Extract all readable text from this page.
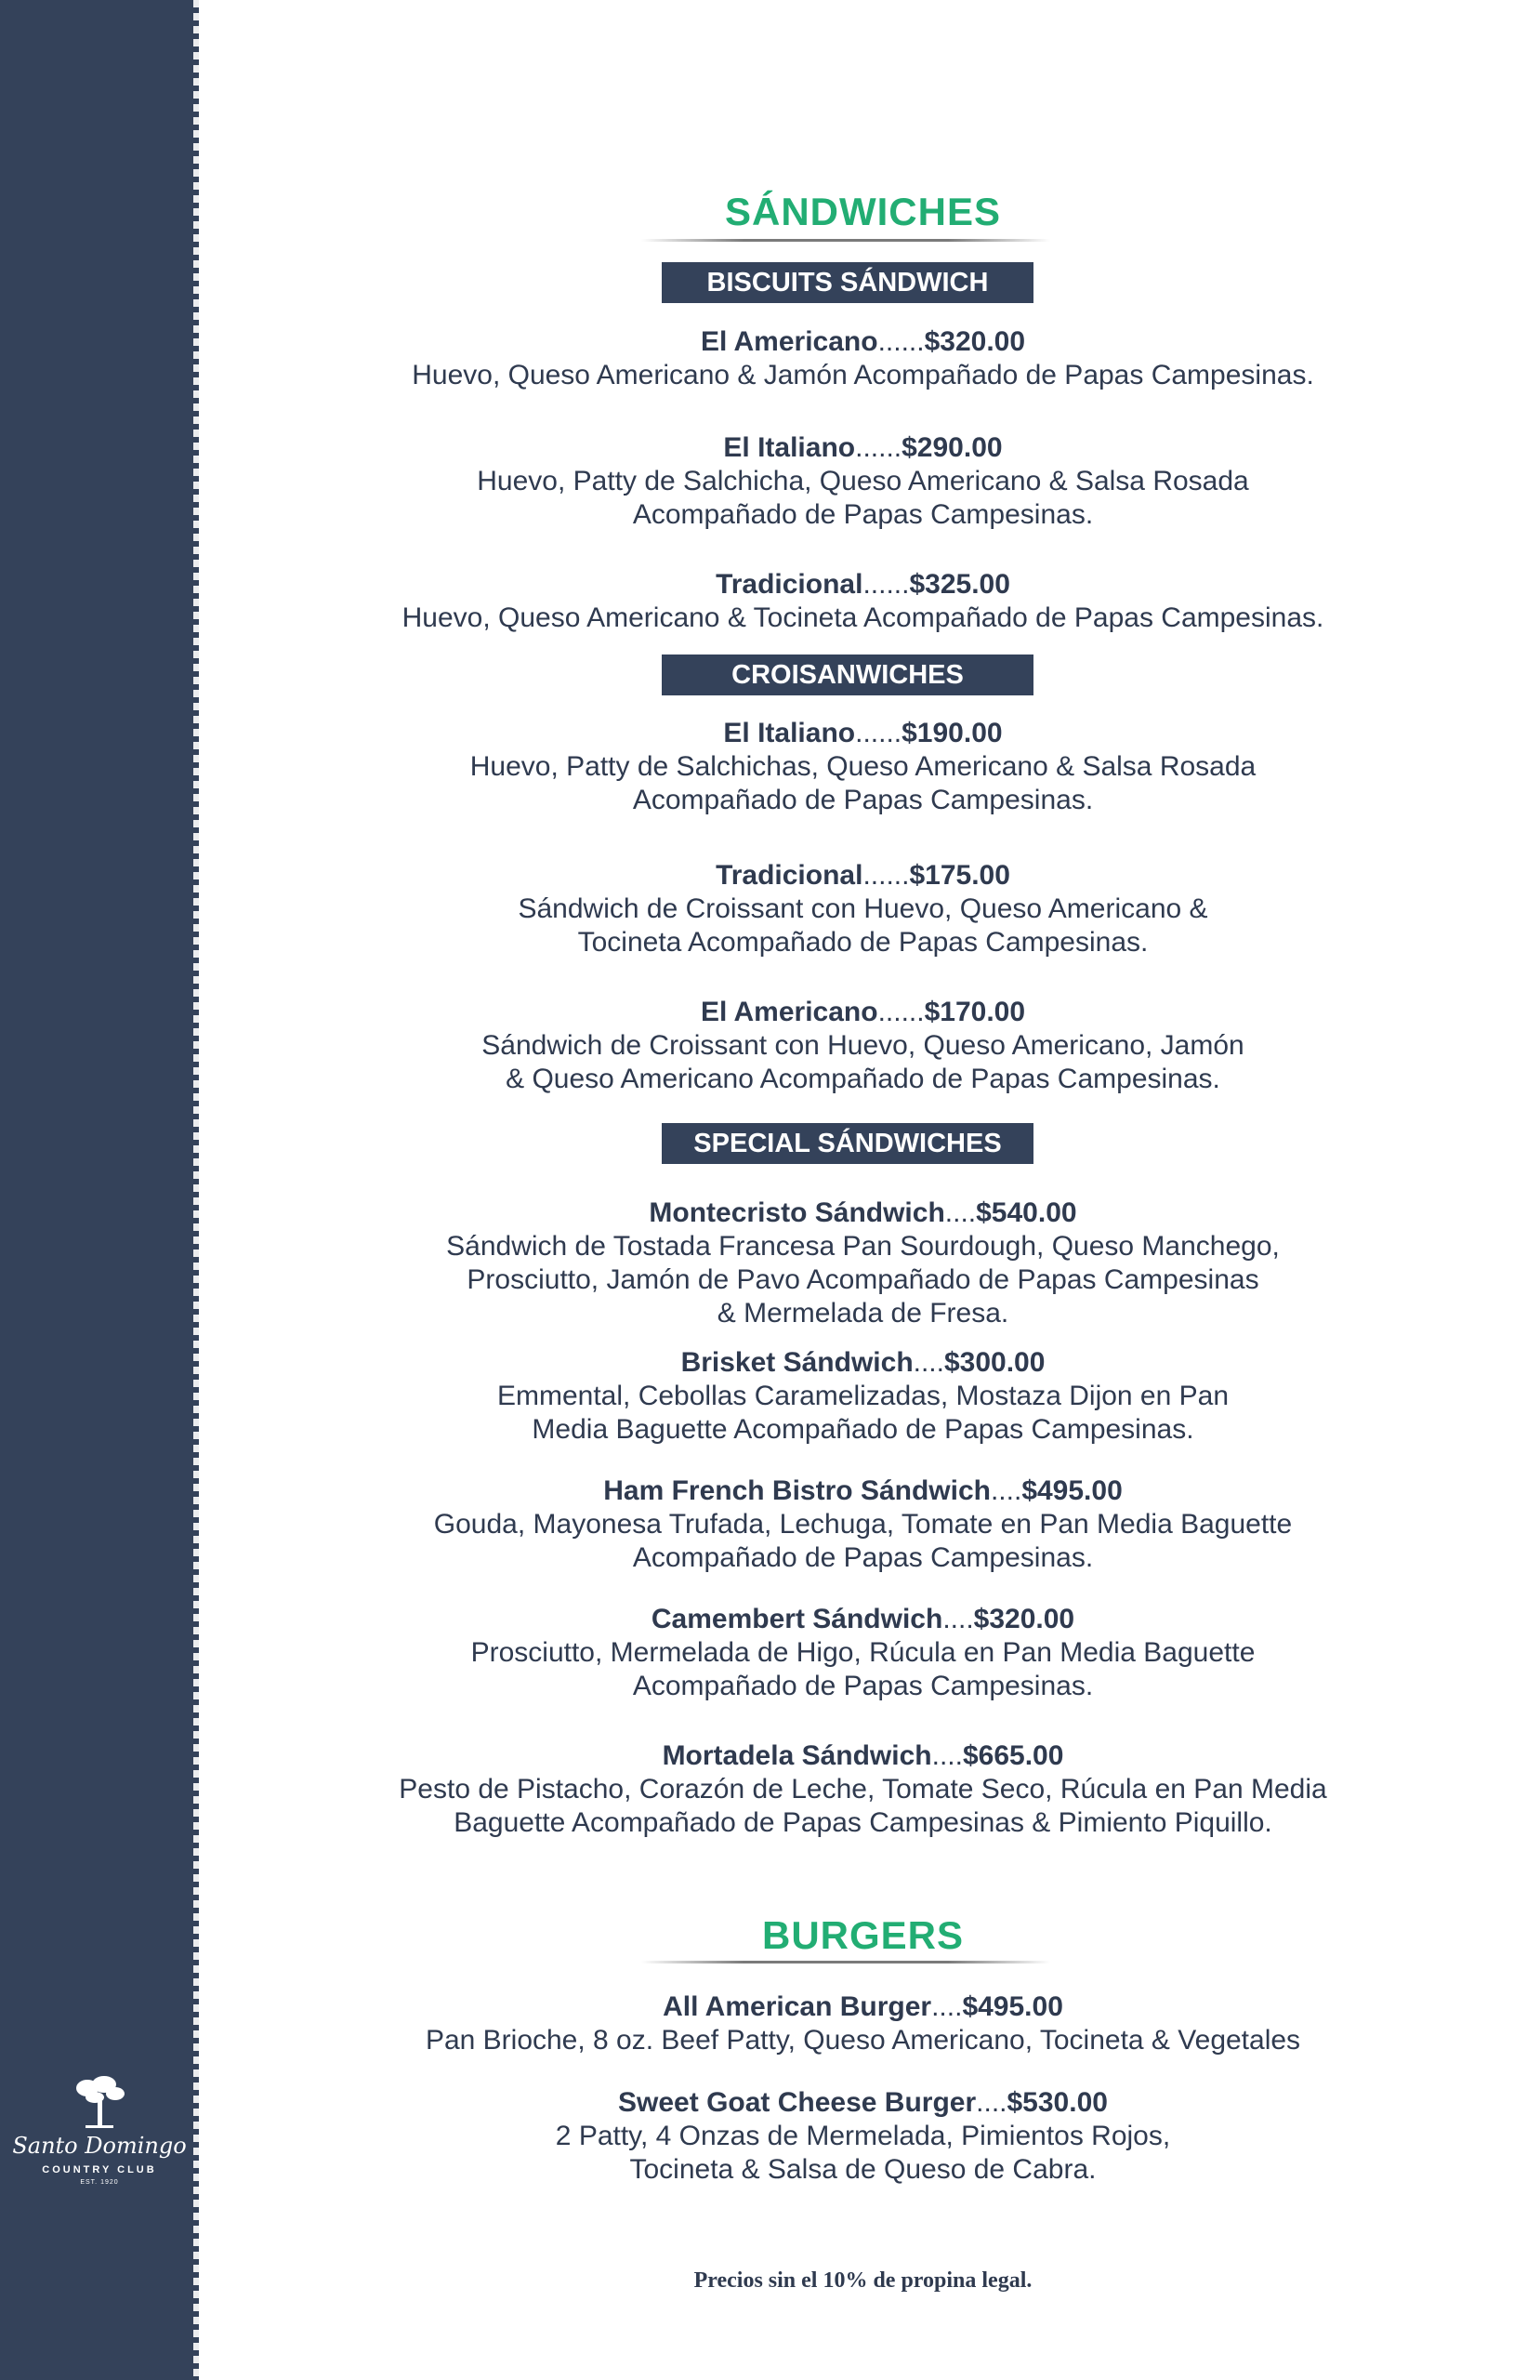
Santo Domingo
COUNTRY CLUB
EST. 1920
SÁNDWICHES
BISCUITS SÁNDWICH
El Americano......$320.00
Huevo, Queso Americano & Jamón Acompañado de Papas Campesinas.
El Italiano......$290.00
Huevo, Patty de Salchicha, Queso Americano & Salsa Rosada
Acompañado de Papas Campesinas.
Tradicional......$325.00
Huevo, Queso Americano & Tocineta Acompañado de Papas Campesinas.
CROISANWICHES
El Italiano......$190.00
Huevo, Patty de Salchichas, Queso Americano & Salsa Rosada
Acompañado de Papas Campesinas.
Tradicional......$175.00
Sándwich de Croissant con Huevo, Queso Americano &
Tocineta Acompañado de Papas Campesinas.
El Americano......$170.00
Sándwich de Croissant con Huevo, Queso Americano, Jamón
& Queso Americano Acompañado de Papas Campesinas.
SPECIAL SÁNDWICHES
Montecristo Sándwich....$540.00
Sándwich de Tostada Francesa Pan Sourdough, Queso Manchego,
Prosciutto, Jamón de Pavo Acompañado de Papas Campesinas
& Mermelada de Fresa.
Brisket Sándwich....$300.00
Emmental, Cebollas Caramelizadas, Mostaza Dijon en Pan
Media Baguette Acompañado de Papas Campesinas.
Ham French Bistro Sándwich....$495.00
Gouda, Mayonesa Trufada, Lechuga, Tomate en Pan Media Baguette
Acompañado de Papas Campesinas.
Camembert Sándwich....$320.00
Prosciutto, Mermelada de Higo, Rúcula en Pan Media Baguette
Acompañado de Papas Campesinas.
Mortadela Sándwich....$665.00
Pesto de Pistacho, Corazón de Leche, Tomate Seco, Rúcula en Pan Media
Baguette Acompañado de Papas Campesinas & Pimiento Piquillo.
BURGERS
All American Burger....$495.00
Pan Brioche, 8 oz. Beef Patty, Queso Americano, Tocineta & Vegetales
Sweet Goat Cheese Burger....$530.00
2 Patty, 4 Onzas de Mermelada, Pimientos Rojos,
Tocineta & Salsa de Queso de Cabra.
Precios sin el 10% de propina legal.
